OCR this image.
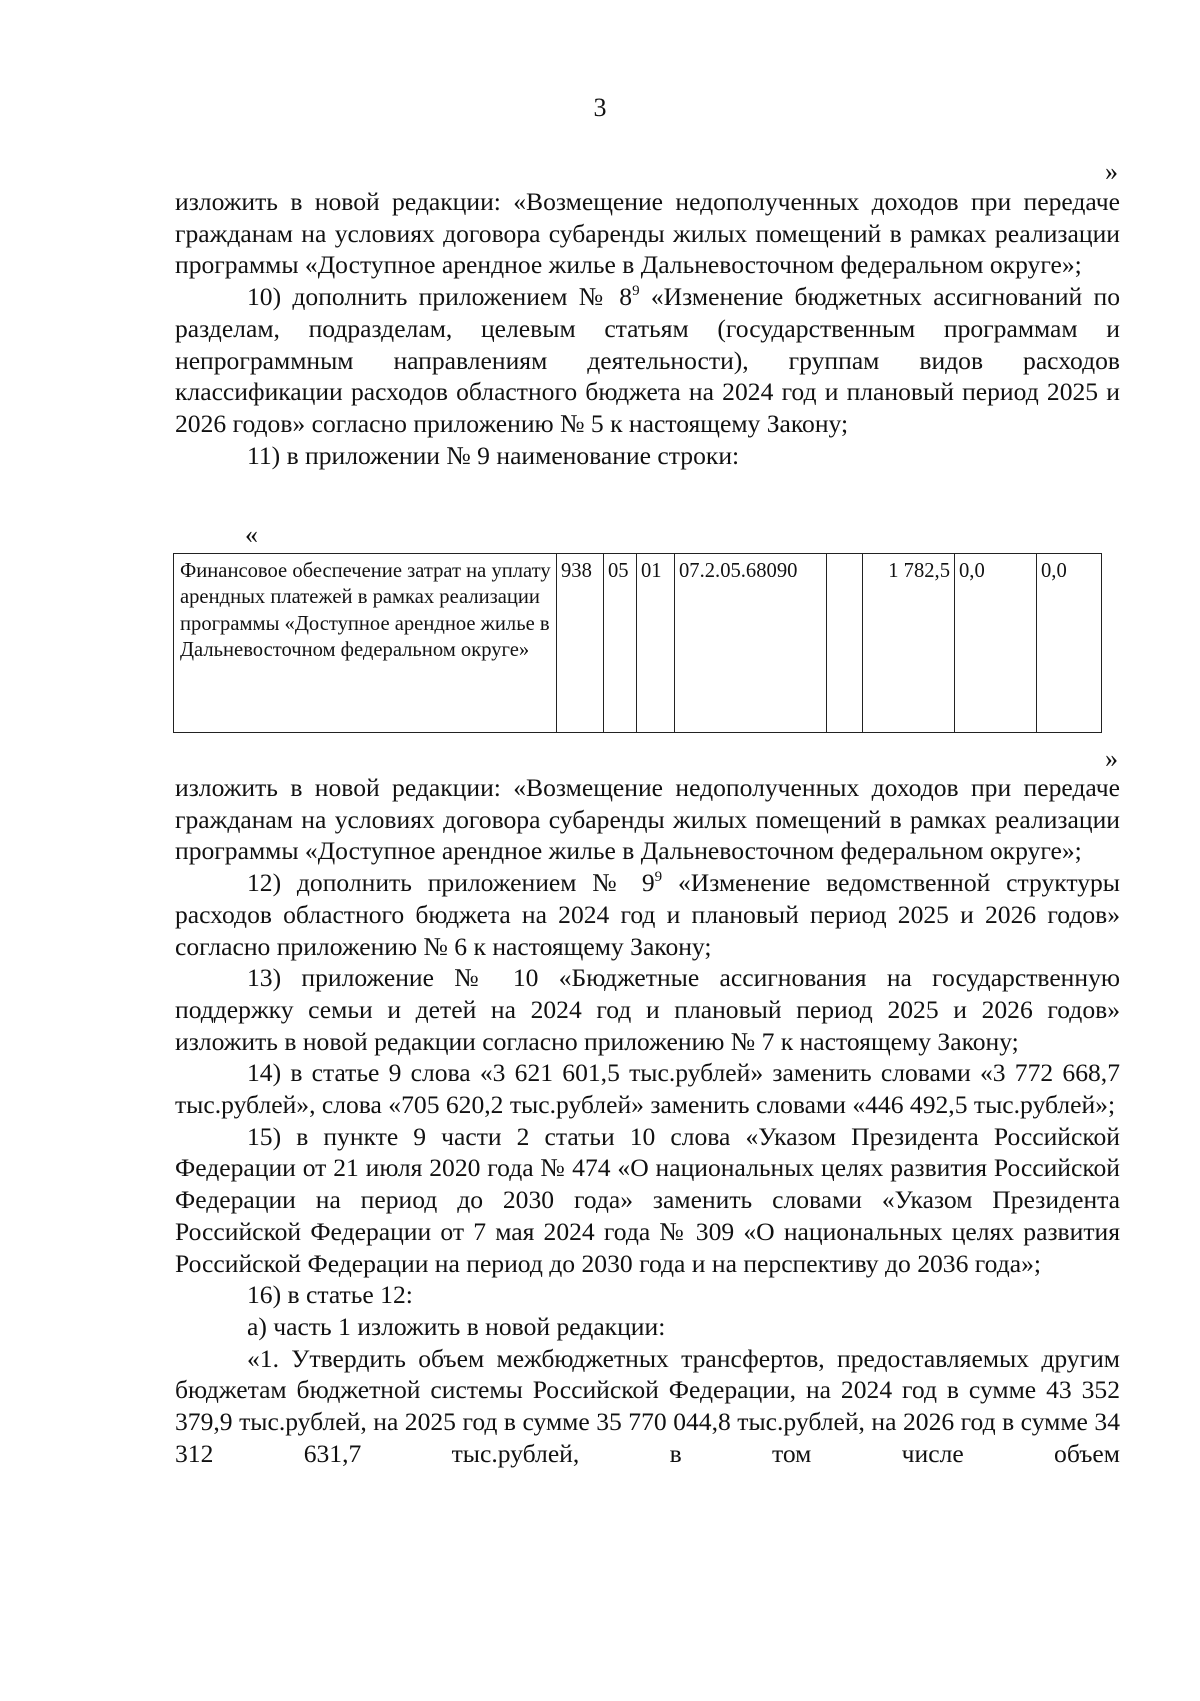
3
»

изложить в новой редакции: «Возмещение недополученных доходов при передаче гражданам на условиях договора субаренды жилых помещений в рамках реализации программы «Доступное арендное жилье в Дальневосточном федеральном округе»;

10) дополнить приложением № $8^9$ «Изменение бюджетных ассигнований по разделам, подразделам, целевым статьям (государственным программам и непрограммным направлениям деятельности), группам видов расходов классификации расходов областного бюджета на 2024 год и плановый период 2025 и 2026 годов» согласно приложению № 5 к настоящему Закону;

11) в приложении № 9 наименование строки:

«
Финансовое обеспечение затрат на уплату арендных платежей в рамках реализации программы «Доступное арендное жилье в Дальневосточном федеральном округе»	938	05	01	07.2.05.68090		1 782,5	0,0	0,0
»

изложить в новой редакции: «Возмещение недополученных доходов при передаче гражданам на условиях договора субаренды жилых помещений в рамках реализации программы «Доступное арендное жилье в Дальневосточном федеральном округе»;

12) дополнить приложением № $9^9$ «Изменение ведомственной структуры расходов областного бюджета на 2024 год и плановый период 2025 и 2026 годов» согласно приложению № 6 к настоящему Закону;

13) приложение № 10 «Бюджетные ассигнования на государственную поддержку семьи и детей на 2024 год и плановый период 2025 и 2026 годов» изложить в новой редакции согласно приложению № 7 к настоящему Закону;

14) в статье 9 слова «3 621 601,5 тыс.рублей» заменить словами «3 772 668,7 тыс.рублей», слова «705 620,2 тыс.рублей» заменить словами «446 492,5 тыс.рублей»;

15) в пункте 9 части 2 статьи 10 слова «Указом Президента Российской Федерации от 21 июля 2020 года № 474 «О национальных целях развития Российской Федерации на период до 2030 года» заменить словами «Указом Президента Российской Федерации от 7 мая 2024 года № 309 «О национальных целях развития Российской Федерации на период до 2030 года и на перспективу до 2036 года»;

16) в статье 12:

а) часть 1 изложить в новой редакции:

«1. Утвердить объем межбюджетных трансфертов, предоставляемых другим бюджетам бюджетной системы Российской Федерации, на 2024 год в сумме 43 352 379,9 тыс.рублей, на 2025 год в сумме 35 770 044,8 тыс.рублей, на 2026 год в сумме 34 312 631,7 тыс.рублей, в том числе объем
